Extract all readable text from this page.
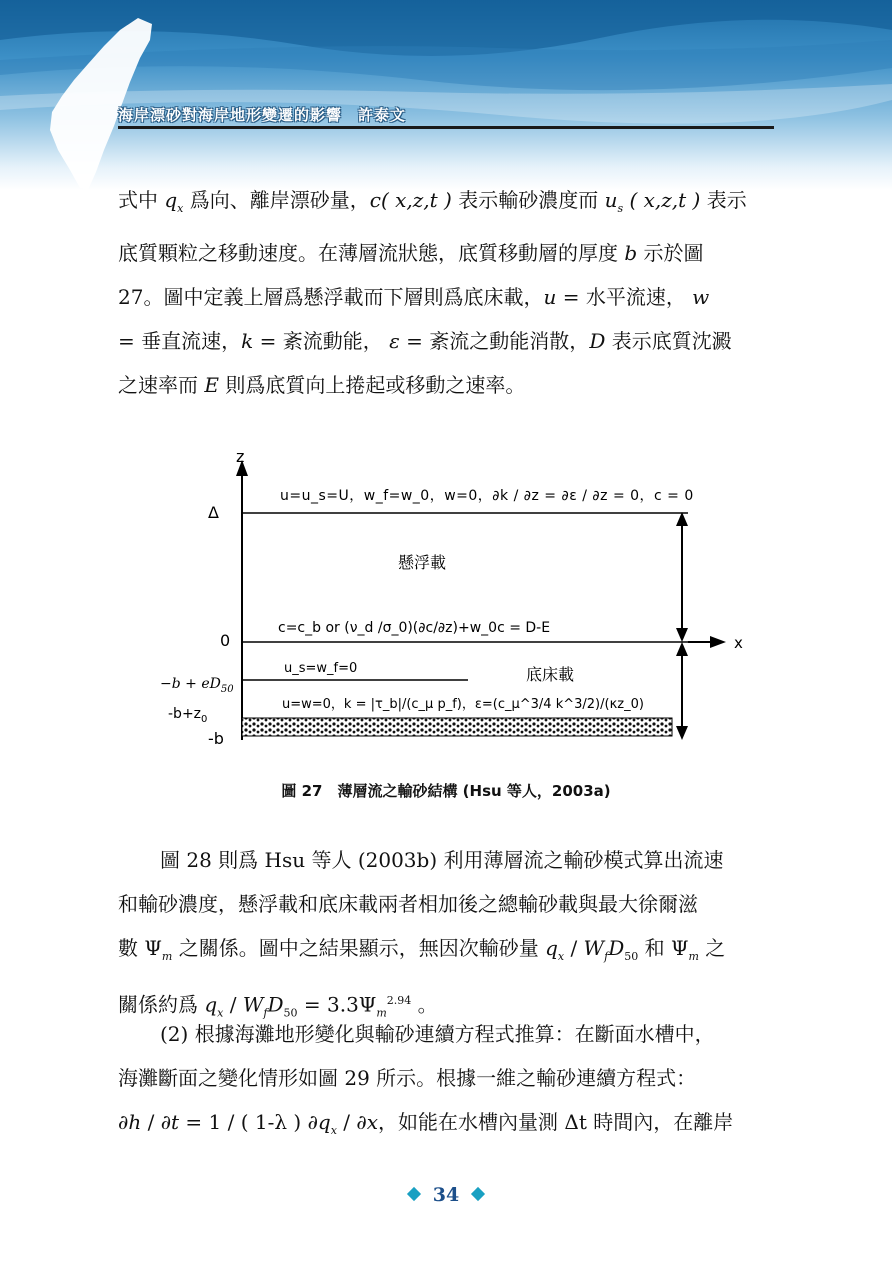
海岸漂砂對海岸地形變遷的影響　許泰文
式中 $q_x$ 爲向、離岸漂砂量，c( x,z,t ) 表示輸砂濃度而 $u_s$ ( x,z,t ) 表示
底質顆粒之移動速度。在薄層流狀態，底質移動層的厚度 b 示於圖
27。圖中定義上層爲懸浮載而下層則爲底床載，u = 水平流速， w
= 垂直流速，k = 紊流動能， ε = 紊流之動能消散，D 表示底質沈澱
之速率而 E 則爲底質向上捲起或移動之速率。
z
Δ
u=u_s=U，w_f=w_0，w=0，∂k / ∂z = ∂ε / ∂z = 0，c = 0
懸浮載
x
0
c=c_b or (ν_d /σ_0)(∂c/∂z)+w_0c = D-E
u_s=w_f=0	底床載
$-b + eD_{50}$
u=w=0，k = |τ_b|/(c_μ p_f)，ε=(c_μ^3/4 k^3/2)/(κz_0)
$-b+z_0$
-b
圖 27　薄層流之輸砂結構 (Hsu 等人，2003a)
圖 28 則爲 Hsu 等人 (2003b) 利用薄層流之輸砂模式算出流速
和輸砂濃度，懸浮載和底床載兩者相加後之總輸砂載與最大徐爾滋
數 $\Psi_m$ 之關係。圖中之結果顯示，無因次輸砂量 $q_x / W_fD_{50}$ 和 $\Psi_m$ 之
關係約爲 $q_x / W_fD_{50} = 3.3\Psi_m^{2.94}$ 。
(2) 根據海灘地形變化與輸砂連續方程式推算：在斷面水槽中，
海灘斷面之變化情形如圖 29 所示。根據一維之輸砂連續方程式：
∂h / ∂t = 1 / ( 1-λ ) $\partial q_x / \partial x$，如能在水槽內量測 Δt 時間內，在離岸
34
